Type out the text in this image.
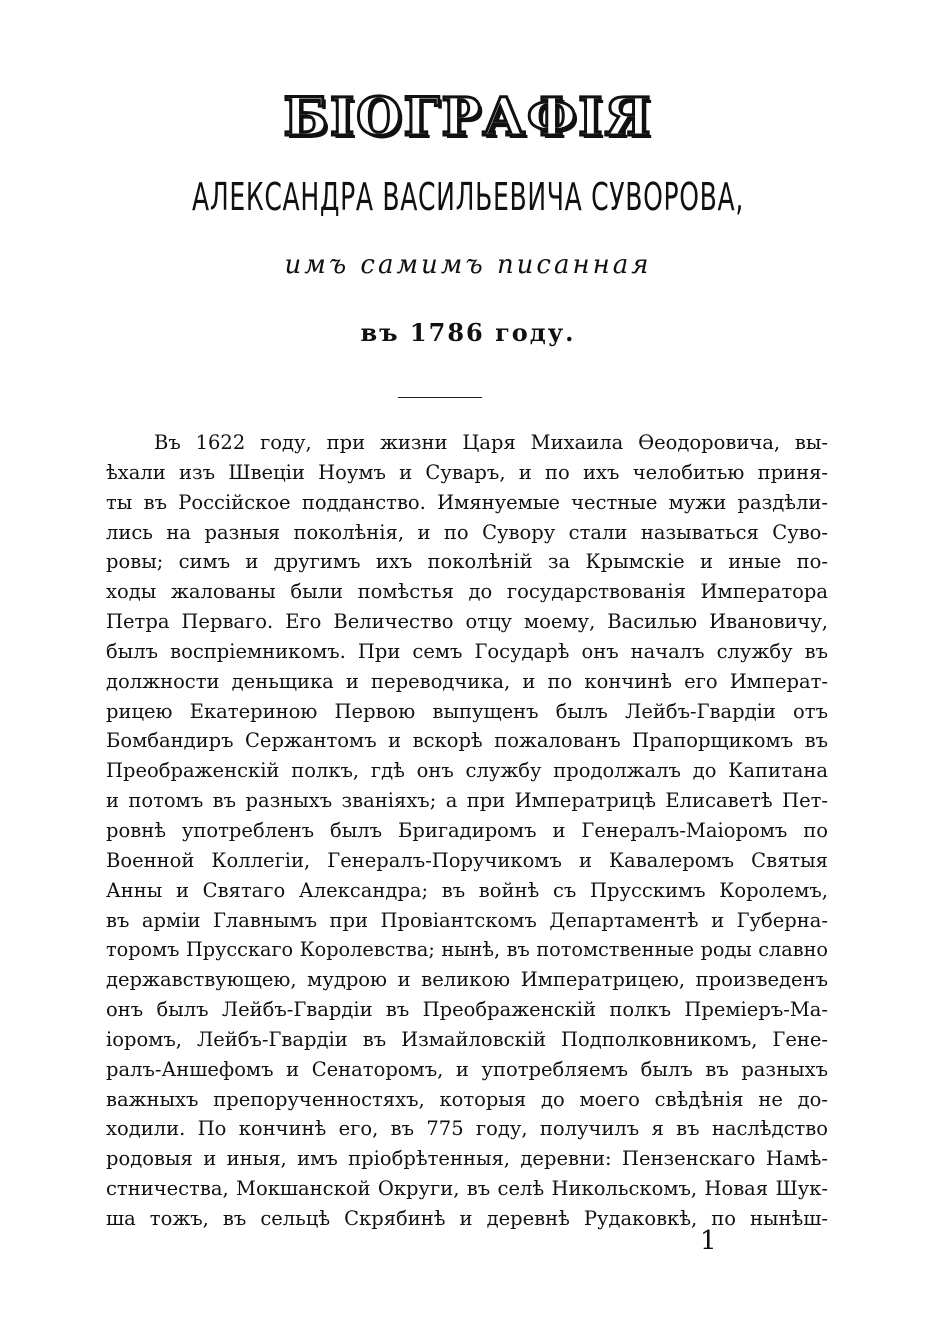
БІОГРАФІЯ
АЛЕКСАНДРА ВАСИЛЬЕВИЧА СУВОРОВА,
имъ самимъ писанная
въ 1786 году.
Въ 1622 году, при жизни Царя Михаила Ѳеодоровича, вы-
ѣхали изъ Швеціи Ноумъ и Суваръ, и по ихъ челобитью приня-
ты въ Россійское подданство. Имянуемые честные мужи раздѣли-
лись на разныя поколѣнія, и по Сувору стали называться Суво-
ровы; симъ и другимъ ихъ поколѣній за Крымскіе и иные по-
ходы жалованы были помѣстья до государствованія Императора
Петра Перваго. Его Величество отцу моему, Василью Ивановичу,
былъ воспріемникомъ. При семъ Государѣ онъ началъ службу въ
должности деньщика и переводчика, и по кончинѣ его Императ-
рицею Екатериною Первою выпущенъ былъ Лейбъ-Гвардіи отъ
Бомбандиръ Сержантомъ и вскорѣ пожалованъ Прапорщикомъ въ
Преображенскій полкъ, гдѣ онъ службу продолжалъ до Капитана
и потомъ въ разныхъ званіяхъ; а при Императрицѣ Елисаветѣ Пет-
ровнѣ употребленъ былъ Бригадиромъ и Генералъ-Маіоромъ по
Военной Коллегіи, Генералъ-Поручикомъ и Кавалеромъ Святыя
Анны и Святаго Александра; въ войнѣ съ Прусскимъ Королемъ,
въ арміи Главнымъ при Провіантскомъ Департаментѣ и Губерна-
торомъ Прусскаго Королевства; нынѣ, въ потомственные роды славно
державствующею, мудрою и великою Императрицею, произведенъ
онъ былъ Лейбъ-Гвардіи въ Преображенскій полкъ Преміеръ-Ма-
іоромъ, Лейбъ-Гвардіи въ Измайловскій Подполковникомъ, Гене-
ралъ-Аншефомъ и Сенаторомъ, и употребляемъ былъ въ разныхъ
важныхъ препорученностяхъ, которыя до моего свѣдѣнія не до-
ходили. По кончинѣ его, въ 775 году, получилъ я въ наслѣдство
родовыя и иныя, имъ пріобрѣтенныя, деревни: Пензенскаго Намѣ-
стничества, Мокшанской Округи, въ селѣ Никольскомъ, Новая Шук-
ша тожъ, въ сельцѣ Скрябинѣ и деревнѣ Рудаковкѣ, по нынѣш-
1
